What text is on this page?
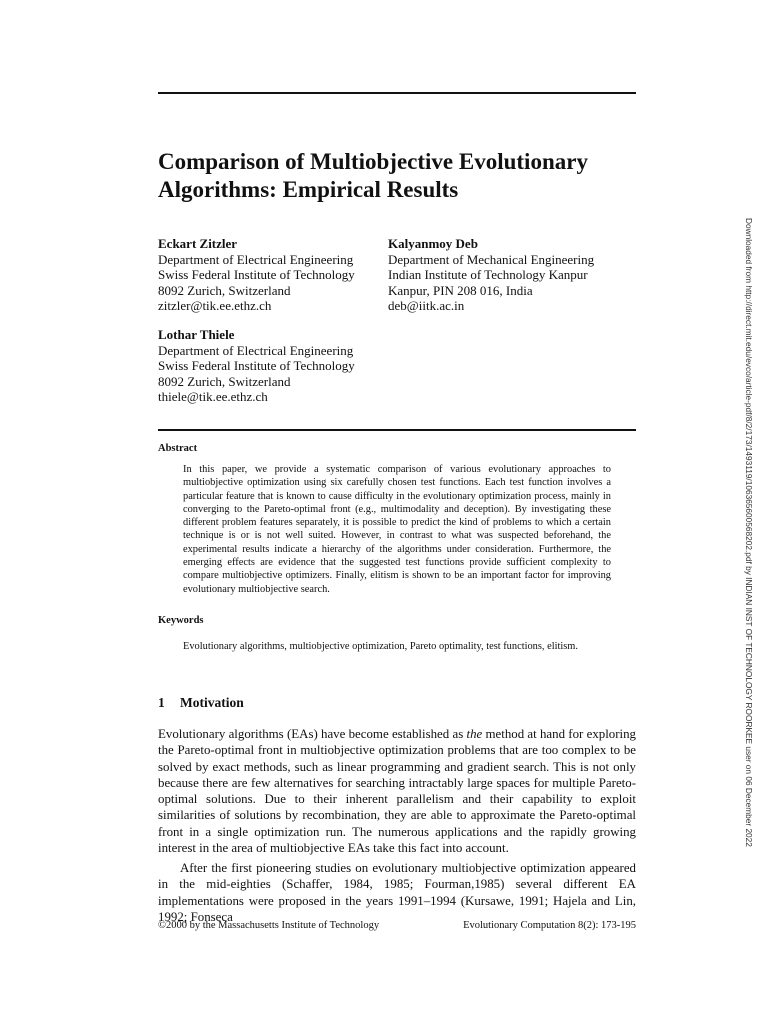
Comparison of Multiobjective Evolutionary Algorithms: Empirical Results
Eckart Zitzler
Department of Electrical Engineering
Swiss Federal Institute of Technology
8092 Zurich, Switzerland
zitzler@tik.ee.ethz.ch
Kalyanmoy Deb
Department of Mechanical Engineering
Indian Institute of Technology Kanpur
Kanpur, PIN 208 016, India
deb@iitk.ac.in
Lothar Thiele
Department of Electrical Engineering
Swiss Federal Institute of Technology
8092 Zurich, Switzerland
thiele@tik.ee.ethz.ch
Abstract

In this paper, we provide a systematic comparison of various evolutionary approaches to multiobjective optimization using six carefully chosen test functions. Each test function involves a particular feature that is known to cause difficulty in the evolutionary optimization process, mainly in converging to the Pareto-optimal front (e.g., multimodality and deception). By investigating these different problem features separately, it is possible to predict the kind of problems to which a certain technique is or is not well suited. However, in contrast to what was suspected beforehand, the experimental results indicate a hierarchy of the algorithms under consideration. Furthermore, the emerging effects are evidence that the suggested test functions provide sufficient complexity to compare multiobjective optimizers. Finally, elitism is shown to be an important factor for improving evolutionary multiobjective search.

Keywords

Evolutionary algorithms, multiobjective optimization, Pareto optimality, test functions, elitism.

1 Motivation

Evolutionary algorithms (EAs) have become established as the method at hand for exploring the Pareto-optimal front in multiobjective optimization problems that are too complex to be solved by exact methods, such as linear programming and gradient search. This is not only because there are few alternatives for searching intractably large spaces for multiple Pareto-optimal solutions. Due to their inherent parallelism and their capability to exploit similarities of solutions by recombination, they are able to approximate the Pareto-optimal front in a single optimization run. The numerous applications and the rapidly growing interest in the area of multiobjective EAs take this fact into account.

After the first pioneering studies on evolutionary multiobjective optimization appeared in the mid-eighties (Schaffer, 1984, 1985; Fourman,1985) several different EA implementations were proposed in the years 1991–1994 (Kursawe, 1991; Hajela and Lin, 1992; Fonseca

©2000 by the Massachusetts Institute of Technology	Evolutionary Computation 8(2): 173-195
Downloaded from http://direct.mit.edu/evco/article-pdf/8/2/173/1493119/106365600568202.pdf by INDIAN INST OF TECHNOLOGY ROORKEE user on 06 December 2022
